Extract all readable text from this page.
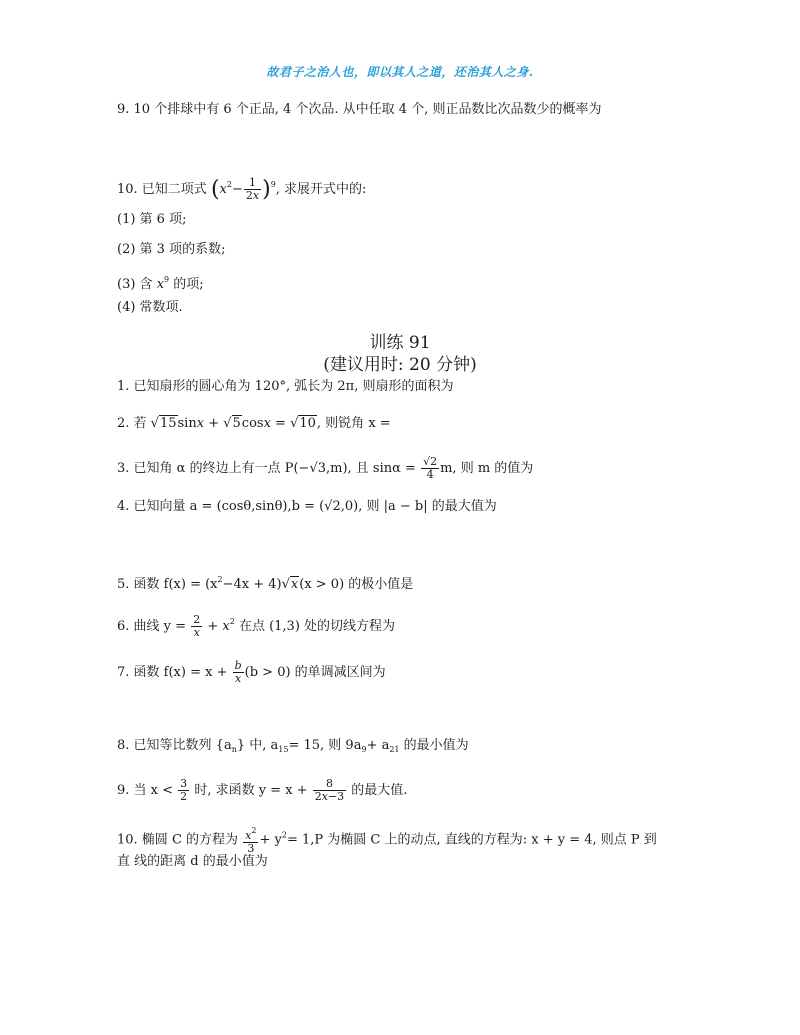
故君子之治人也，即以其人之道，还治其人之身.
9. 10 个排球中有 6 个正品, 4 个次品. 从中任取 4 个, 则正品数比次品数少的概率为
10. 已知二项式 $(x^2- \frac{1}{2x} )^9$, 求展开式中的:
(1) 第 6 项;
(2) 第 3 项的系数;
(3) 含 $x^9$ 的项;
(4) 常数项.
训练 91
(建议用时: 20 分钟)
1. 已知扇形的圆心角为 120°, 弧长为 2π, 则扇形的面积为
2. 若 √15sinx + √5cosx = √10, 则锐角 x =
3. 已知角 α 的终边上有一点 P(−√3,m), 且 $\sin\alpha = \frac{√2}{4} m$, 则 m 的值为
4. 已知向量 a = (cosθ,sinθ),b = (√2,0), 则 |a − b| 的最大值为
5. 函数 $f(x) = (x^2-4x + 4)√x(x > 0)$ 的极小值是
6. 曲线 $y = \frac{2}{x} + x^2$ 在点 (1,3) 处的切线方程为
7. 函数 $f(x) = x + \frac{b}{x} (b > 0)$ 的单调减区间为
8. 已知等比数列 $\{a_n\}$ 中, $a_{15}= 15$, 则 $9a_9+ a_{21}$ 的最小值为
9. 当 $x < \frac{3}{2}$ 时, 求函数 $y = x + \frac{8}{2x-3}$ 的最大值.
10. 椭圆 C 的方程为 $\frac{x^2}{3} + y^2= 1,P$ 为椭圆 C 上的动点, 直线的方程为: x + y = 4, 则点 P 到
直 线的距离 d 的最小值为
